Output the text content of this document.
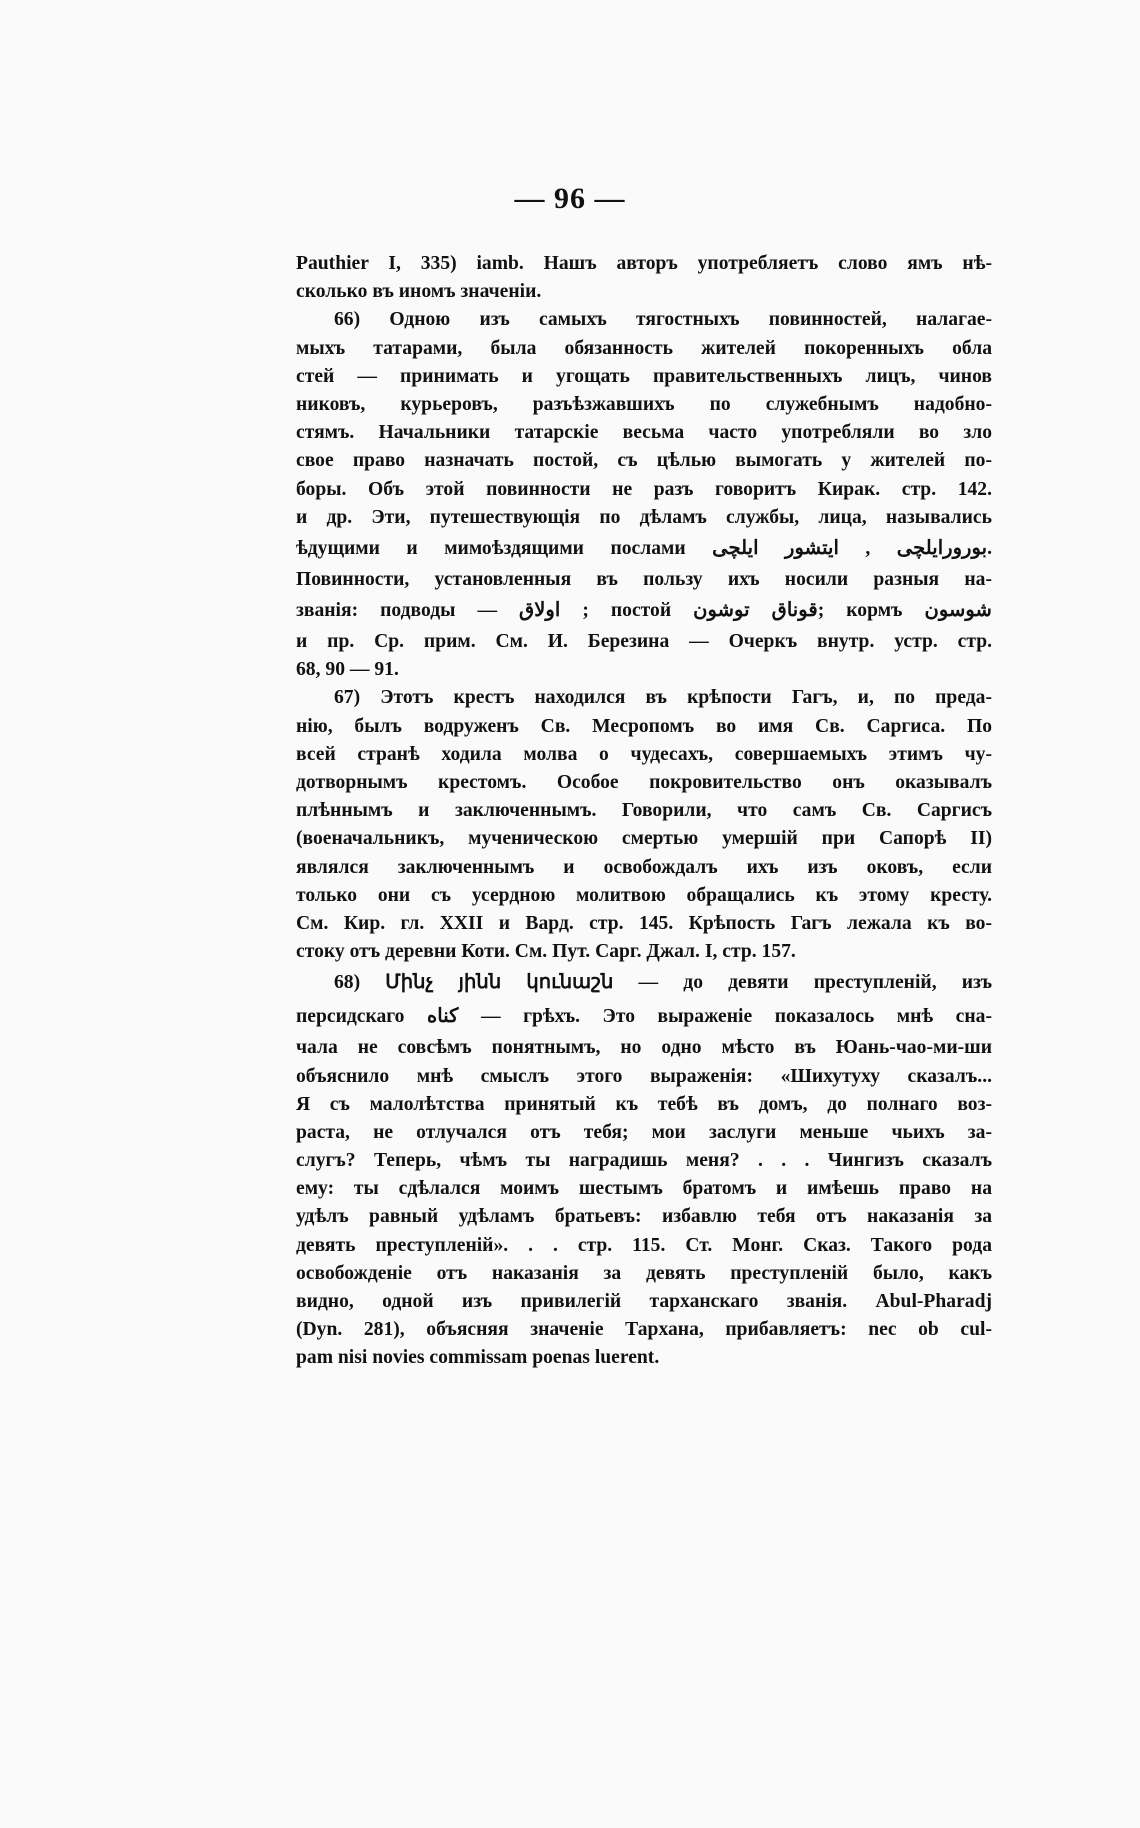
— 96 —
Pauthier I, 335) iamb. Нашъ авторъ употребляетъ слово ямъ нѣ-
сколько въ иномъ значеніи.
66) Одною изъ самыхъ тягостныхъ повинностей, налагае-
мыхъ татарами, была обязанность жителей покоренныхъ обла
стей — принимать и угощать правительственныхъ лицъ, чинов
никовъ, курьеровъ, разъѣзжавшихъ по служебнымъ надобно-
стямъ. Начальники татарскіе весьма часто употребляли во зло
свое право назначать постой, съ цѣлью вымогать у жителей по-
боры. Объ этой повинности не разъ говоритъ Кирак. стр. 142.
и др. Эти, путешествующія по дѣламъ службы, лица, назывались
ѣдущими и мимоѣздящими послами بورورايلچى , ايتشور ايلچى.
Повинности, установленныя въ пользу ихъ носили разныя на-
званія: подводы — اولاق ; постой قوناق توشون; кормъ شوسون
и пр. Ср. прим. См. И. Березина — Очеркъ внутр. устр. стр.
68, 90 — 91.
67) Этотъ крестъ находился въ крѣпости Гагъ, и, по преда-
нію, былъ водруженъ Св. Месропомъ во имя Св. Саргиса. По
всей странѣ ходила молва о чудесахъ, совершаемыхъ этимъ чу-
дотворнымъ крестомъ. Особое покровительство онъ оказывалъ
плѣннымъ и заключеннымъ. Говорили, что самъ Св. Саргисъ
(военачальникъ, мученическою смертью умершій при Сапорѣ II)
являлся заключеннымъ и освобождалъ ихъ изъ оковъ, если
только они съ усердною молитвою обращались къ этому кресту.
См. Кир. гл. XXII и Вард. стр. 145. Крѣпость Гагъ лежала къ во-
стоку отъ деревни Коти. См. Пут. Сарг. Джал. I, стр. 157.
68) Մինչ յինն կունաշն — до девяти преступленій, изъ
персидскаго كناه — грѣхъ. Это выраженіе показалось мнѣ сна-
чала не совсѣмъ понятнымъ, но одно мѣсто въ Юань-чао-ми-ши
объяснило мнѣ смыслъ этого выраженія: «Шихутуху сказалъ...
Я съ малолѣтства принятый къ тебѣ въ домъ, до полнаго воз-
раста, не отлучался отъ тебя; мои заслуги меньше чьихъ за-
слугъ? Теперь, чѣмъ ты наградишь меня? . . . Чингизъ сказалъ
ему: ты сдѣлался моимъ шестымъ братомъ и имѣешь право на
удѣлъ равный удѣламъ братьевъ: избавлю тебя отъ наказанія за
девять преступленій». . . стр. 115. Ст. Монг. Сказ. Такого рода
освобожденіе отъ наказанія за девять преступленій было, какъ
видно, одной изъ привилегій тарханскаго званія. Abul-Pharadj
(Dyn. 281), объясняя значеніе Тархана, прибавляетъ: nec ob cul-
pam nisi novies commissam poenas luerent.
